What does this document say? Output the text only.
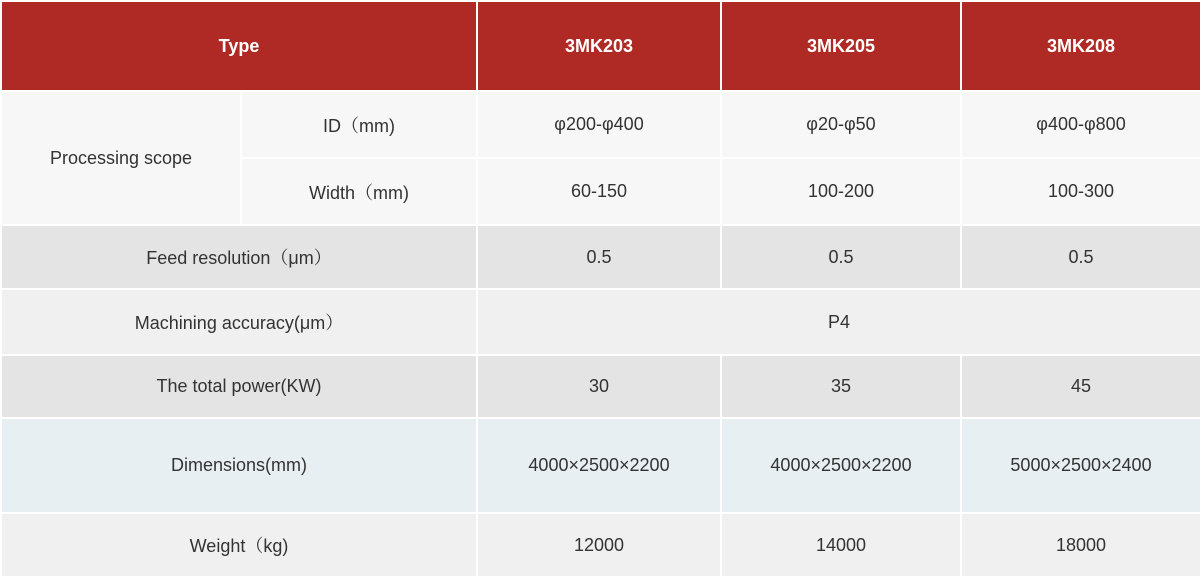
Type		3MK203	3MK205	3MK208
Processing scope	ID（mm)	φ200-φ400	φ20-φ50	φ400-φ800
	Width（mm)	60-150	100-200	100-300
Feed resolution（μm）		0.5	0.5	0.5
Machining accuracy(μm）		P4		
The total power(KW)		30	35	45
Dimensions(mm)		4000×2500×2200	4000×2500×2200	5000×2500×2400
Weight（kg)		12000	14000	18000
